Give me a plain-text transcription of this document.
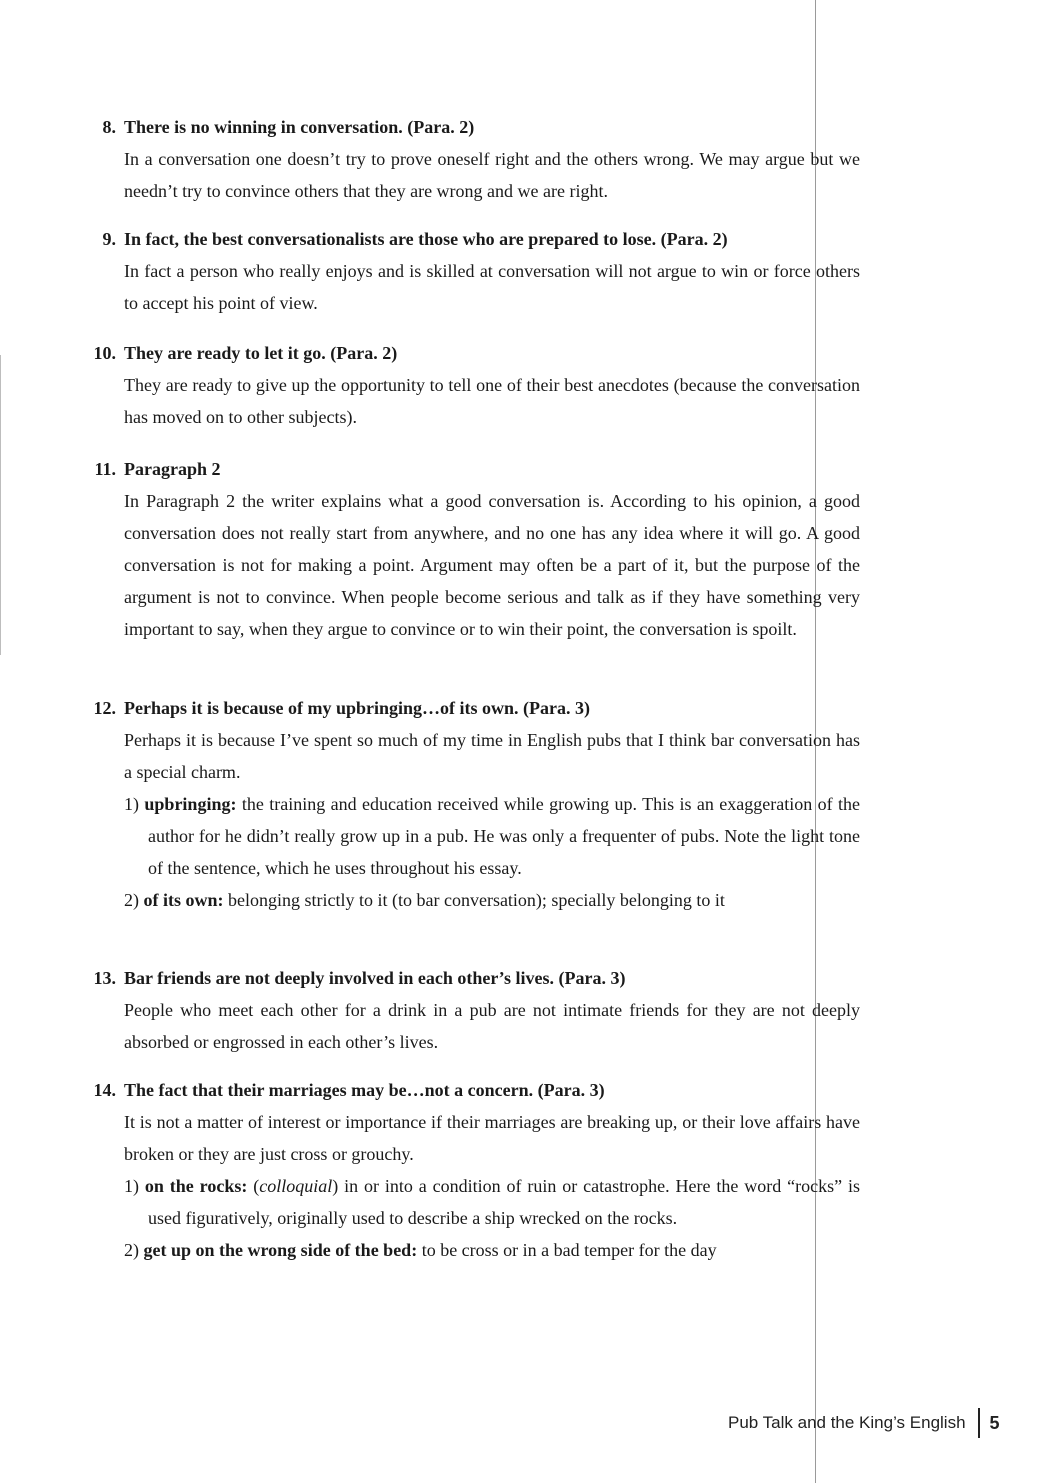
8. There is no winning in conversation. (Para. 2)
In a conversation one doesn’t try to prove oneself right and the others wrong. We may argue but we needn’t try to convince others that they are wrong and we are right.
9. In fact, the best conversationalists are those who are prepared to lose. (Para. 2)
In fact a person who really enjoys and is skilled at conversation will not argue to win or force others to accept his point of view.
10. They are ready to let it go. (Para. 2)
They are ready to give up the opportunity to tell one of their best anecdotes (because the conversation has moved on to other subjects).
11. Paragraph 2
In Paragraph 2 the writer explains what a good conversation is. According to his opinion, a good conversation does not really start from anywhere, and no one has any idea where it will go. A good conversation is not for making a point. Argument may often be a part of it, but the purpose of the argument is not to convince. When people become serious and talk as if they have something very important to say, when they argue to convince or to win their point, the conversation is spoilt.
12. Perhaps it is because of my upbringing…of its own. (Para. 3)
Perhaps it is because I’ve spent so much of my time in English pubs that I think bar conversation has a special charm.
1) upbringing: the training and education received while growing up. This is an exaggeration of the author for he didn’t really grow up in a pub. He was only a frequenter of pubs. Note the light tone of the sentence, which he uses throughout his essay.
2) of its own: belonging strictly to it (to bar conversation); specially belonging to it
13. Bar friends are not deeply involved in each other’s lives. (Para. 3)
People who meet each other for a drink in a pub are not intimate friends for they are not deeply absorbed or engrossed in each other’s lives.
14. The fact that their marriages may be…not a concern. (Para. 3)
It is not a matter of interest or importance if their marriages are breaking up, or their love affairs have broken or they are just cross or grouchy.
1) on the rocks: (colloquial) in or into a condition of ruin or catastrophe. Here the word “rocks” is used figuratively, originally used to describe a ship wrecked on the rocks.
2) get up on the wrong side of the bed: to be cross or in a bad temper for the day
Pub Talk and the King’s English 5
